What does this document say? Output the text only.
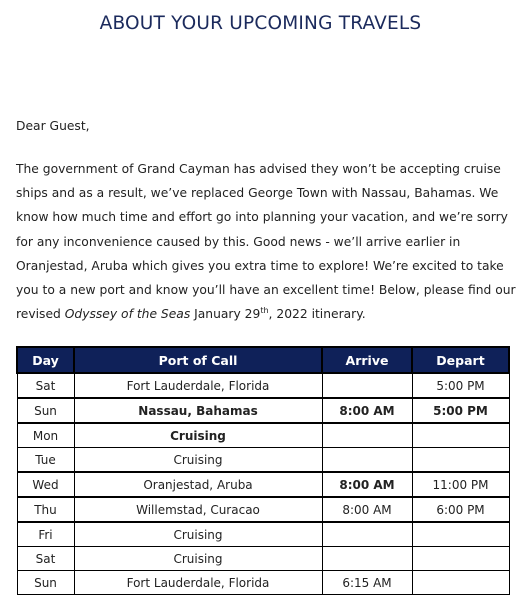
ABOUT YOUR UPCOMING TRAVELS
Dear Guest,

The government of Grand Cayman has advised they won’t be accepting cruise ships and as a result, we’ve replaced George Town with Nassau, Bahamas. We know how much time and effort go into planning your vacation, and we’re sorry for any inconvenience caused by this. Good news - we’ll arrive earlier in Oranjestad, Aruba which gives you extra time to explore! We’re excited to take you to a new port and know you’ll have an excellent time! Below, please find our revised Odyssey of the Seas January 29th, 2022 itinerary.

Day	Port of Call	Arrive	Depart
Sat	Fort Lauderdale, Florida		5:00 PM
Sun	Nassau, Bahamas	8:00 AM	5:00 PM
Mon	Cruising		
Tue	Cruising		
Wed	Oranjestad, Aruba	8:00 AM	11:00 PM
Thu	Willemstad, Curacao	8:00 AM	6:00 PM
Fri	Cruising		
Sat	Cruising		
Sun	Fort Lauderdale, Florida	6:15 AM	
